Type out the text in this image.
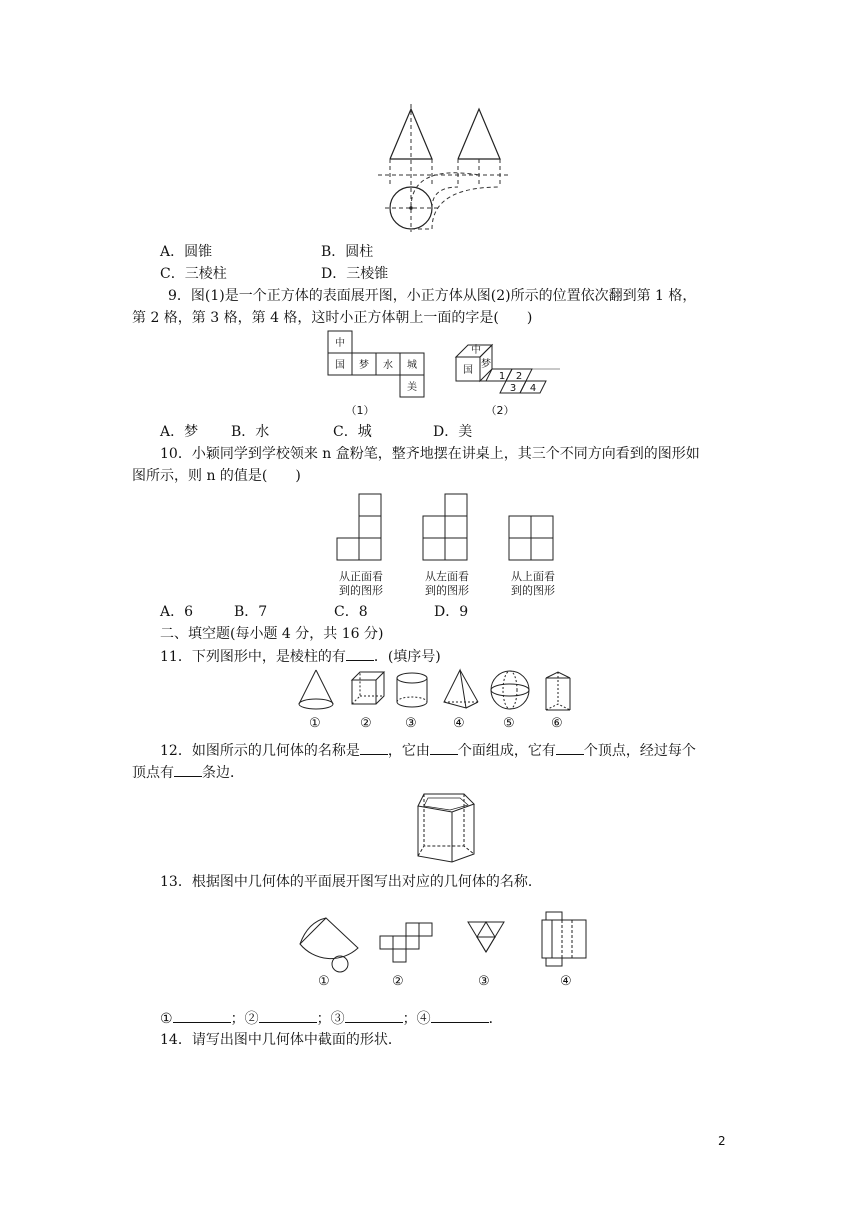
A．圆锥	B．圆柱
C．三棱柱	D．三棱锥
9．图(1)是一个正方体的表面展开图，小正方体从图(2)所示的位置依次翻到第 1 格，
第 2 格，第 3 格，第 4 格，这时小正方体朝上一面的字是(　　)
中
国 梦 水 城
美
（1）
中
国
梦
1 2
3 4
（2）
A．梦 B．水	C．城	D．美
10．小颖同学到学校领来 n 盒粉笔，整齐地摆在讲桌上，其三个不同方向看到的图形如
图所示，则 n 的值是(　　)
从正面看
到的图形
从左面看
到的图形
从上面看
到的图形
A．6	B．7	C．8	D．9
二、填空题(每小题 4 分，共 16 分)
11．下列图形中，是棱柱的有 ．(填序号)
①	②	③	④	⑤	⑥
12．如图所示的几何体的名称是 ，它由 个面组成，它有 个顶点，经过每个
顶点有 条边．
13．根据图中几何体的平面展开图写出对应的几何体的名称．
①	②	③	④
①	；②	；③	；④	．
14．请写出图中几何体中截面的形状．
2
